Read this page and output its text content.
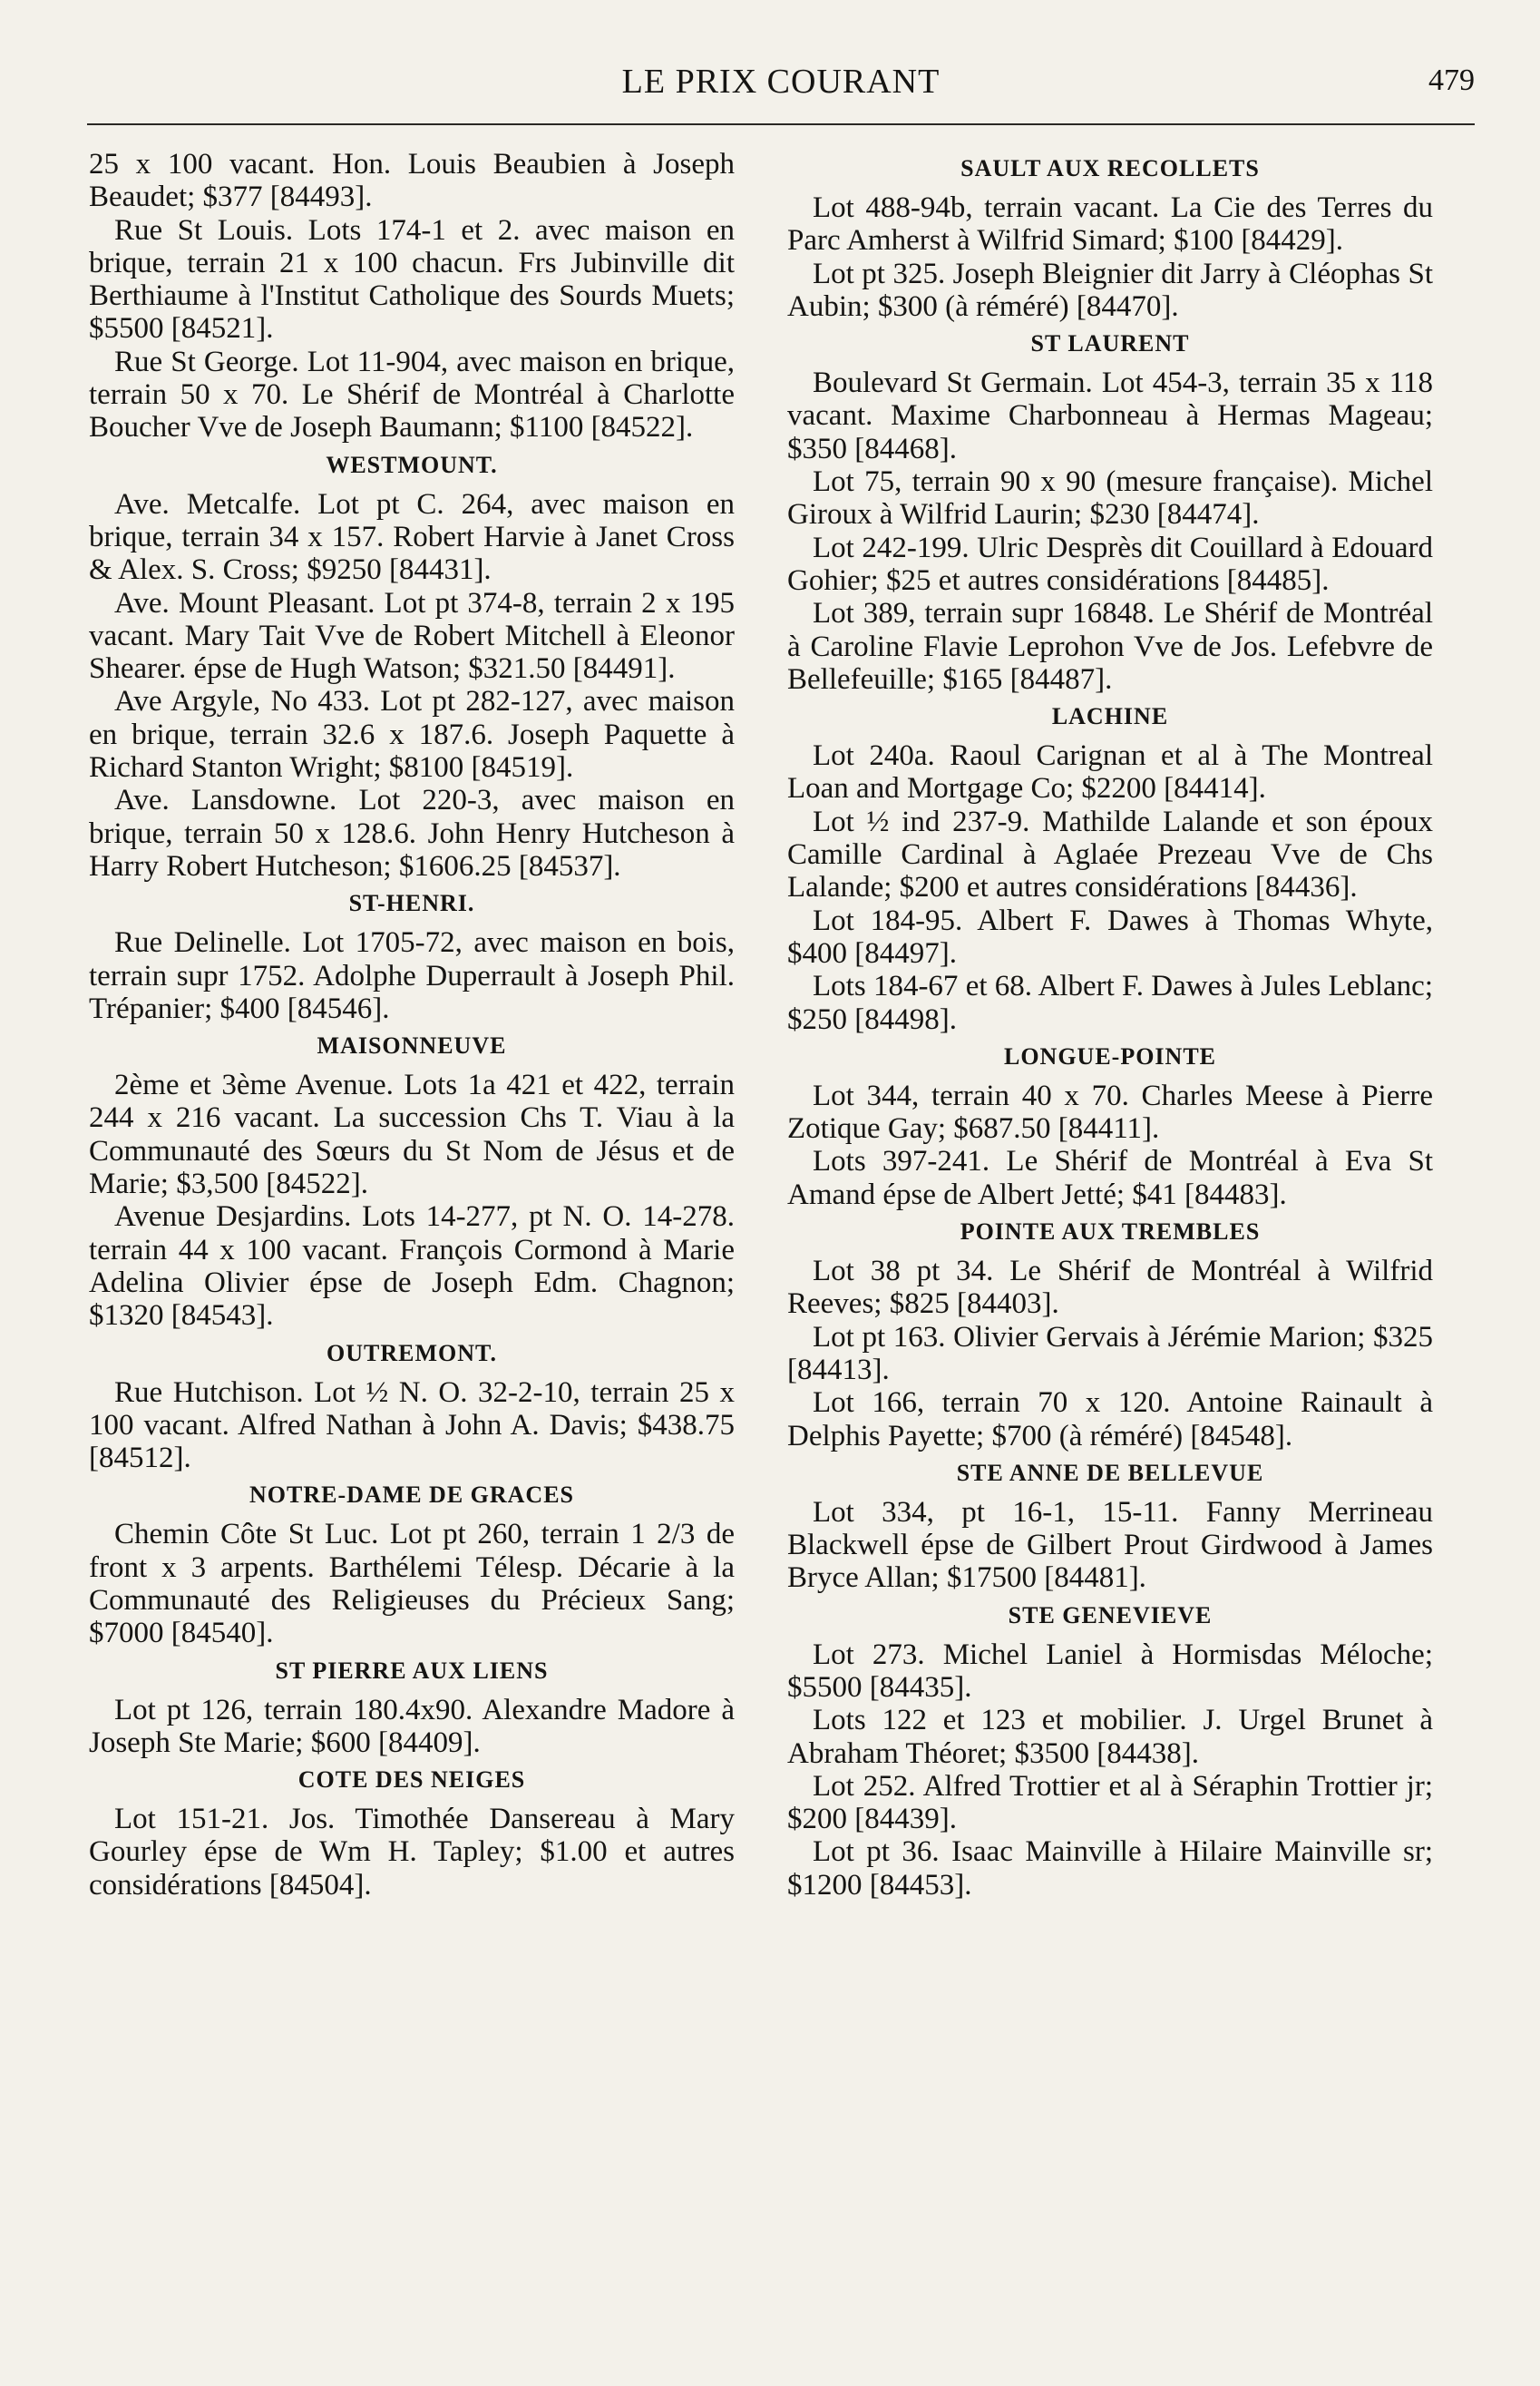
LE PRIX COURANT	479

25 x 100 vacant. Hon. Louis Beaubien à Joseph Beaudet; $377 [84493].

Rue St Louis. Lots 174-1 et 2. avec maison en brique, terrain 21 x 100 chacun. Frs Jubinville dit Berthiaume à l'Institut Catholique des Sourds Muets; $5500 [84521].

Rue St George. Lot 11-904, avec maison en brique, terrain 50 x 70. Le Shérif de Montréal à Charlotte Boucher Vve de Joseph Baumann; $1100 [84522].

WESTMOUNT.

Ave. Metcalfe. Lot pt C. 264, avec maison en brique, terrain 34 x 157. Robert Harvie à Janet Cross & Alex. S. Cross; $9250 [84431].

Ave. Mount Pleasant. Lot pt 374-8, terrain 2 x 195 vacant. Mary Tait Vve de Robert Mitchell à Eleonor Shearer. épse de Hugh Watson; $321.50 [84491].

Ave Argyle, No 433. Lot pt 282-127, avec maison en brique, terrain 32.6 x 187.6. Joseph Paquette à Richard Stanton Wright; $8100 [84519].

Ave. Lansdowne. Lot 220-3, avec maison en brique, terrain 50 x 128.6. John Henry Hutcheson à Harry Robert Hutcheson; $1606.25 [84537].

ST-HENRI.

Rue Delinelle. Lot 1705-72, avec maison en bois, terrain supr 1752. Adolphe Duperrault à Joseph Phil. Trépanier; $400 [84546].

MAISONNEUVE

2ème et 3ème Avenue. Lots 1a 421 et 422, terrain 244 x 216 vacant. La succession Chs T. Viau à la Communauté des Sœurs du St Nom de Jésus et de Marie; $3,500 [84522].

Avenue Desjardins. Lots 14-277, pt N. O. 14-278. terrain 44 x 100 vacant. François Cormond à Marie Adelina Olivier épse de Joseph Edm. Chagnon; $1320 [84543].

OUTREMONT.

Rue Hutchison. Lot ½ N. O. 32-2-10, terrain 25 x 100 vacant. Alfred Nathan à John A. Davis; $438.75 [84512].

NOTRE-DAME DE GRACES

Chemin Côte St Luc. Lot pt 260, terrain 1 2/3 de front x 3 arpents. Barthélemi Télesp. Décarie à la Communauté des Religieuses du Précieux Sang; $7000 [84540].

ST PIERRE AUX LIENS

Lot pt 126, terrain 180.4x90. Alexandre Madore à Joseph Ste Marie; $600 [84409].

COTE DES NEIGES

Lot 151-21. Jos. Timothée Dansereau à Mary Gourley épse de Wm H. Tapley; $1.00 et autres considérations [84504].

SAULT AUX RECOLLETS

Lot 488-94b, terrain vacant. La Cie des Terres du Parc Amherst à Wilfrid Simard; $100 [84429].

Lot pt 325. Joseph Bleignier dit Jarry à Cléophas St Aubin; $300 (à réméré) [84470].

ST LAURENT

Boulevard St Germain. Lot 454-3, terrain 35 x 118 vacant. Maxime Charbonneau à Hermas Mageau; $350 [84468].

Lot 75, terrain 90 x 90 (mesure française). Michel Giroux à Wilfrid Laurin; $230 [84474].

Lot 242-199. Ulric Desprès dit Couillard à Edouard Gohier; $25 et autres considérations [84485].

Lot 389, terrain supr 16848. Le Shérif de Montréal à Caroline Flavie Leprohon Vve de Jos. Lefebvre de Bellefeuille; $165 [84487].

LACHINE

Lot 240a. Raoul Carignan et al à The Montreal Loan and Mortgage Co; $2200 [84414].

Lot ½ ind 237-9. Mathilde Lalande et son époux Camille Cardinal à Aglaée Prezeau Vve de Chs Lalande; $200 et autres considérations [84436].

Lot 184-95. Albert F. Dawes à Thomas Whyte, $400 [84497].

Lots 184-67 et 68. Albert F. Dawes à Jules Leblanc; $250 [84498].

LONGUE-POINTE

Lot 344, terrain 40 x 70. Charles Meese à Pierre Zotique Gay; $687.50 [84411].

Lots 397-241. Le Shérif de Montréal à Eva St Amand épse de Albert Jetté; $41 [84483].

POINTE AUX TREMBLES

Lot 38 pt 34. Le Shérif de Montréal à Wilfrid Reeves; $825 [84403].

Lot pt 163. Olivier Gervais à Jérémie Marion; $325 [84413].

Lot 166, terrain 70 x 120. Antoine Rainault à Delphis Payette; $700 (à réméré) [84548].

STE ANNE DE BELLEVUE

Lot 334, pt 16-1, 15-11. Fanny Merrineau Blackwell épse de Gilbert Prout Girdwood à James Bryce Allan; $17500 [84481].

STE GENEVIEVE

Lot 273. Michel Laniel à Hormisdas Méloche; $5500 [84435].

Lots 122 et 123 et mobilier. J. Urgel Brunet à Abraham Théoret; $3500 [84438].

Lot 252. Alfred Trottier et al à Séraphin Trottier jr; $200 [84439].

Lot pt 36. Isaac Mainville à Hilaire Mainville sr; $1200 [84453].
